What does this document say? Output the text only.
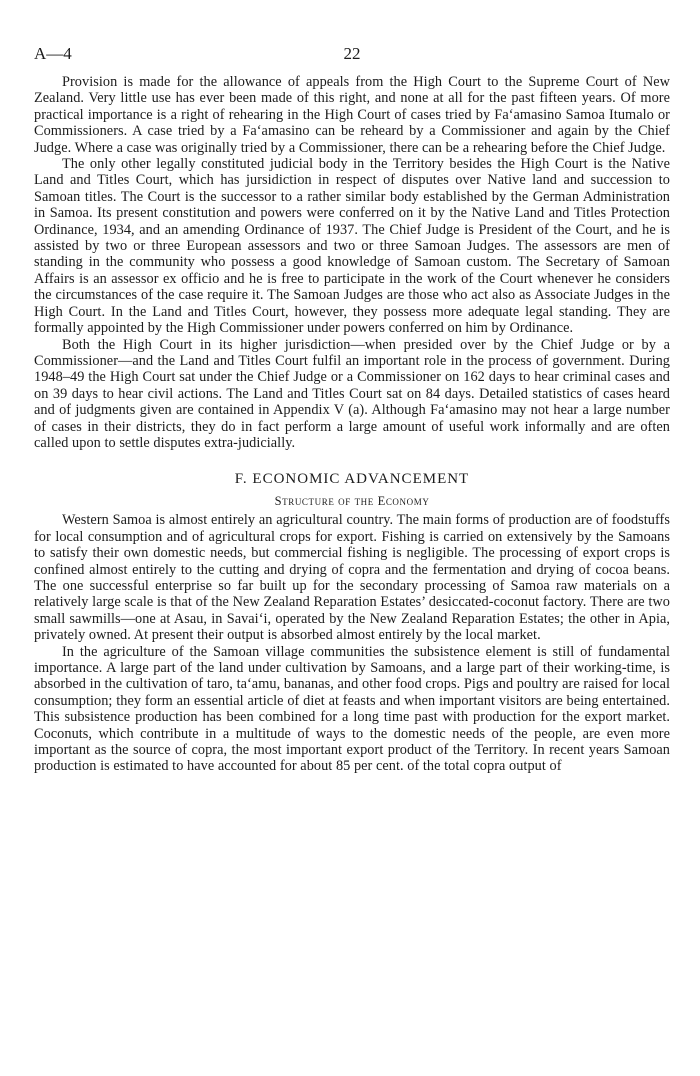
A—4	22

Provision is made for the allowance of appeals from the High Court to the Supreme Court of New Zealand. Very little use has ever been made of this right, and none at all for the past fifteen years. Of more practical importance is a right of rehearing in the High Court of cases tried by Fa‘amasino Samoa Itumalo or Commissioners. A case tried by a Fa‘amasino can be reheard by a Commissioner and again by the Chief Judge. Where a case was originally tried by a Commissioner, there can be a rehearing before the Chief Judge.

The only other legally constituted judicial body in the Territory besides the High Court is the Native Land and Titles Court, which has jursidiction in respect of disputes over Native land and succession to Samoan titles. The Court is the successor to a rather similar body established by the German Administration in Samoa. Its present constitution and powers were conferred on it by the Native Land and Titles Protection Ordinance, 1934, and an amending Ordinance of 1937. The Chief Judge is President of the Court, and he is assisted by two or three European assessors and two or three Samoan Judges. The assessors are men of standing in the community who possess a good knowledge of Samoan custom. The Secretary of Samoan Affairs is an assessor ex officio and he is free to participate in the work of the Court whenever he considers the circumstances of the case require it. The Samoan Judges are those who act also as Associate Judges in the High Court. In the Land and Titles Court, however, they possess more adequate legal standing. They are formally appointed by the High Commissioner under powers conferred on him by Ordinance.

Both the High Court in its higher jurisdiction—when presided over by the Chief Judge or by a Commissioner—and the Land and Titles Court fulfil an important role in the process of government. During 1948–49 the High Court sat under the Chief Judge or a Commissioner on 162 days to hear criminal cases and on 39 days to hear civil actions. The Land and Titles Court sat on 84 days. Detailed statistics of cases heard and of judgments given are contained in Appendix V (a). Although Fa‘amasino may not hear a large number of cases in their districts, they do in fact perform a large amount of useful work informally and are often called upon to settle disputes extra-judicially.

F. ECONOMIC ADVANCEMENT
Structure of the Economy

Western Samoa is almost entirely an agricultural country. The main forms of production are of foodstuffs for local consumption and of agricultural crops for export. Fishing is carried on extensively by the Samoans to satisfy their own domestic needs, but commercial fishing is negligible. The processing of export crops is confined almost entirely to the cutting and drying of copra and the fermentation and drying of cocoa beans. The one successful enterprise so far built up for the secondary processing of Samoa raw materials on a relatively large scale is that of the New Zealand Reparation Estates’ desiccated-coconut factory. There are two small sawmills—one at Asau, in Savai‘i, operated by the New Zealand Reparation Estates; the other in Apia, privately owned. At present their output is absorbed almost entirely by the local market.

In the agriculture of the Samoan village communities the subsistence element is still of fundamental importance. A large part of the land under cultivation by Samoans, and a large part of their working-time, is absorbed in the cultivation of taro, ta‘amu, bananas, and other food crops. Pigs and poultry are raised for local consumption; they form an essential article of diet at feasts and when important visitors are being entertained. This subsistence production has been combined for a long time past with production for the export market. Coconuts, which contribute in a multitude of ways to the domestic needs of the people, are even more important as the source of copra, the most important export product of the Territory. In recent years Samoan production is estimated to have accounted for about 85 per cent. of the total copra output of
